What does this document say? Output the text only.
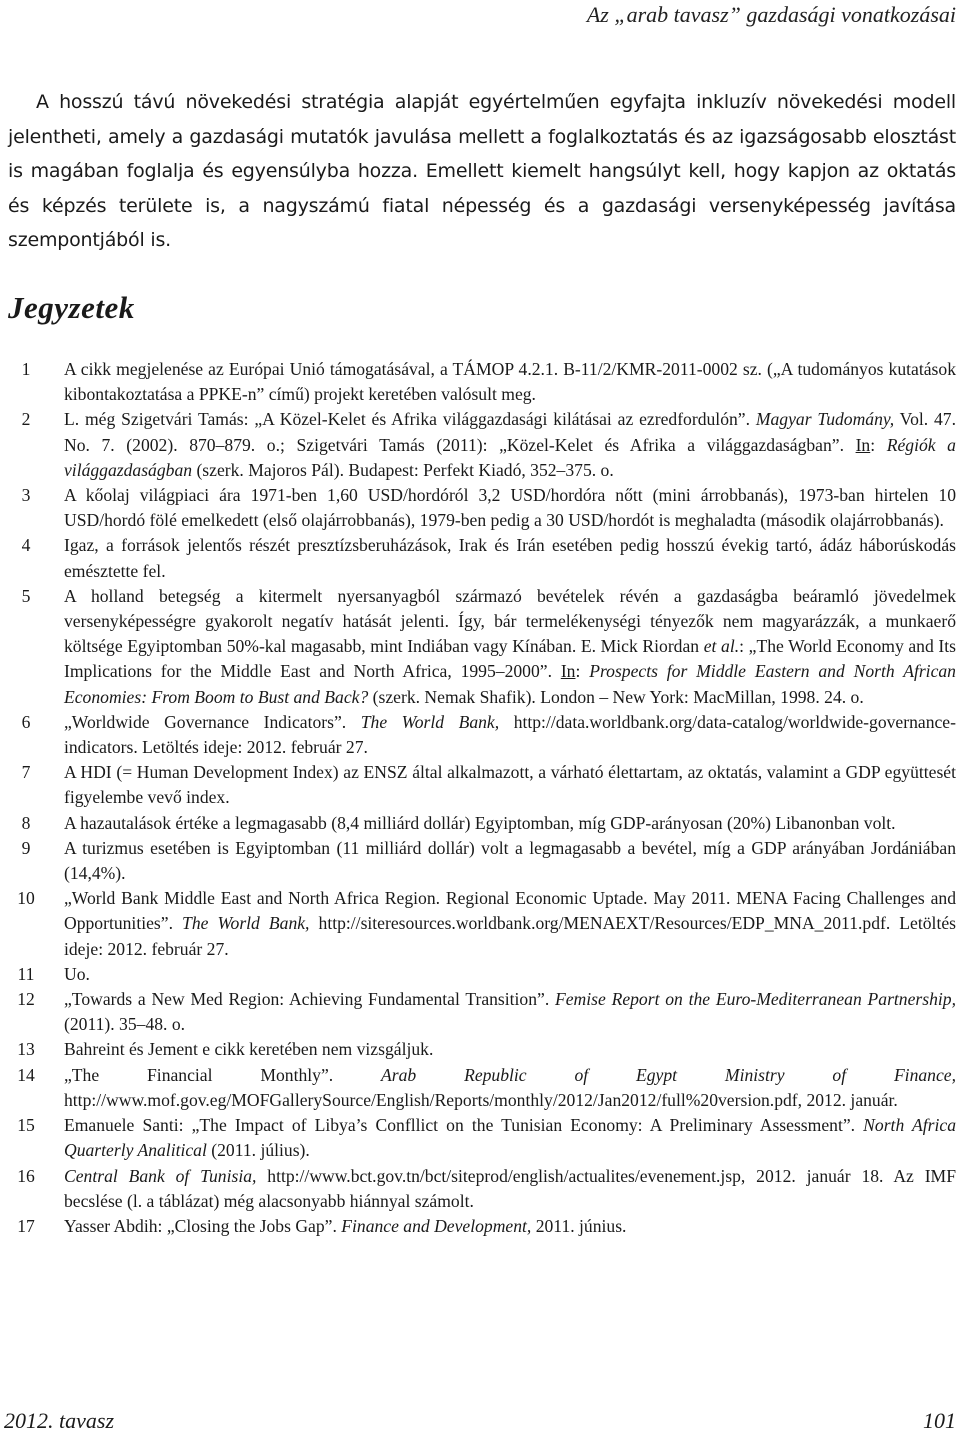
Az „arab tavasz” gazdasági vonatkozásai

A hosszú távú növekedési stratégia alapját egyértelműen egyfajta inkluzív növekedési modell jelentheti, amely a gazdasági mutatók javulása mellett a foglalkoztatás és az igazságosabb elosztást is magában foglalja és egyensúlyba hozza. Emellett kiemelt hangsúlyt kell, hogy kapjon az oktatás és képzés területe is, a nagyszámú fiatal népesség és a gazdasági versenyképesség javítása szempontjából is.

Jegyzetek
1	A cikk megjelenése az Európai Unió támogatásával, a TÁMOP 4.2.1. B-11/2/KMR-2011-0002 sz. („A tudományos kutatások kibontakoztatása a PPKE-n” című) projekt keretében valósult meg.
2	L. még Szigetvári Tamás: „A Közel-Kelet és Afrika világgazdasági kilátásai az ezredfordulón”. Magyar Tudomány, Vol. 47. No. 7. (2002). 870–879. o.; Szigetvári Tamás (2011): „Közel-Kelet és Afrika a világgazdaságban”. In: Régiók a világgazdaságban (szerk. Majoros Pál). Budapest: Perfekt Kiadó, 352–375. o.
3	A kőolaj világpiaci ára 1971-ben 1,60 USD/hordóról 3,2 USD/hordóra nőtt (mini árrobbanás), 1973-ban hirtelen 10 USD/hordó fölé emelkedett (első olajárrobbanás), 1979-ben pedig a 30 USD/hordót is meghaladta (második olajárrobbanás).
4	Igaz, a források jelentős részét presztízsberuházások, Irak és Irán esetében pedig hosszú évekig tartó, ádáz háborúskodás emésztette fel.
5	A holland betegség a kitermelt nyersanyagból származó bevételek révén a gazdaságba beáramló jövedelmek versenyképességre gyakorolt negatív hatását jelenti. Így, bár termelékenységi tényezők nem magyarázzák, a munkaerő költsége Egyiptomban 50%-kal magasabb, mint Indiában vagy Kínában. E. Mick Riordan et al.: „The World Economy and Its Implications for the Middle East and North Africa, 1995–2000”. In: Prospects for Middle Eastern and North African Economies: From Boom to Bust and Back? (szerk. Nemak Shafik). London – New York: MacMillan, 1998. 24. o.
6	„Worldwide Governance Indicators”. The World Bank, http://data.worldbank.org/data-catalog/worldwide-governance-indicators. Letöltés ideje: 2012. február 27.
7	A HDI (= Human Development Index) az ENSZ által alkalmazott, a várható élettartam, az oktatás, valamint a GDP együttesét figyelembe vevő index.
8	A hazautalások értéke a legmagasabb (8,4 milliárd dollár) Egyiptomban, míg GDP-arányosan (20%) Libanonban volt.
9	A turizmus esetében is Egyiptomban (11 milliárd dollár) volt a legmagasabb a bevétel, míg a GDP arányában Jordániában (14,4%).
10	„World Bank Middle East and North Africa Region. Regional Economic Uptade. May 2011. MENA Facing Challenges and Opportunities”. The World Bank, http://siteresources.worldbank.org/MENAEXT/Resources/EDP_MNA_2011.pdf. Letöltés ideje: 2012. február 27.
11	Uo.
12	„Towards a New Med Region: Achieving Fundamental Transition”. Femise Report on the Euro-Mediterranean Partnership, (2011). 35–48. o.
13	Bahreint és Jement e cikk keretében nem vizsgáljuk.
14	„The Financial Monthly”. Arab Republic of Egypt Ministry of Finance, http://www.mof.gov.eg/MOFGallerySource/English/Reports/monthly/2012/Jan2012/full%20version.pdf, 2012. január.
15	Emanuele Santi: „The Impact of Libya’s Confllict on the Tunisian Economy: A Preliminary Assessment”. North Africa Quarterly Analitical (2011. július).
16	Central Bank of Tunisia, http://www.bct.gov.tn/bct/siteprod/english/actualites/evenement.jsp, 2012. január 18. Az IMF becslése (l. a táblázat) még alacsonyabb hiánnyal számolt.
17	Yasser Abdih: „Closing the Jobs Gap”. Finance and Development, 2011. június.
2012. tavasz	101
